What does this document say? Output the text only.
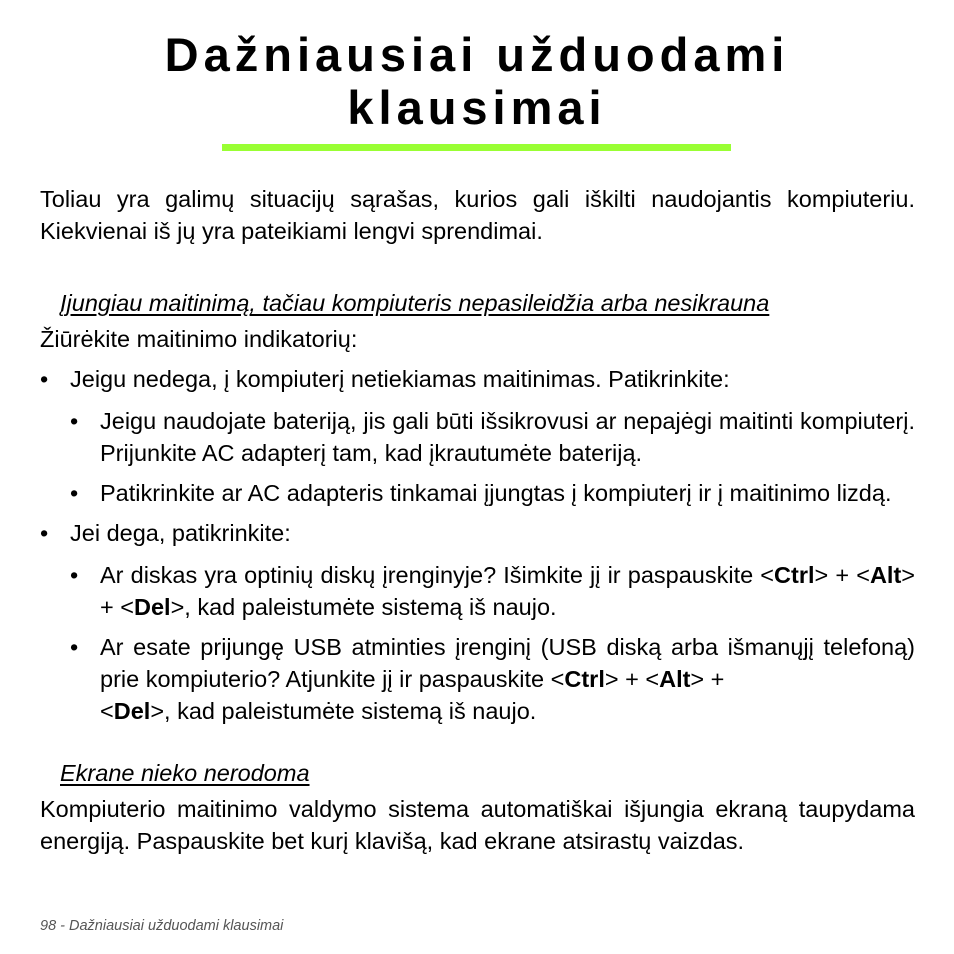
Dažniausiai užduodami
klausimai

Toliau yra galimų situacijų sąrašas, kurios gali iškilti naudojantis kompiuteriu. Kiekvienai iš jų yra pateikiami lengvi sprendimai.

Įjungiau maitinimą, tačiau kompiuteris nepasileidžia arba nesikrauna

Žiūrėkite maitinimo indikatorių:

• Jeigu nedega, į kompiuterį netiekiamas maitinimas. Patikrinkite:
• Jeigu naudojate bateriją, jis gali būti išsikrovusi ar nepajėgi maitinti kompiuterį. Prijunkite AC adapterį tam, kad įkrautumėte bateriją.
• Patikrinkite ar AC adapteris tinkamai įjungtas į kompiuterį ir į maitinimo lizdą.
• Jei dega, patikrinkite:
• Ar diskas yra optinių diskų įrenginyje? Išimkite jį ir paspauskite <Ctrl> + <Alt> + <Del>, kad paleistumėte sistemą iš naujo.
• Ar esate prijungę USB atminties įrenginį (USB diską arba išmanųjį telefoną) prie kompiuterio? Atjunkite jį ir paspauskite <Ctrl> + <Alt> +
<Del>, kad paleistumėte sistemą iš naujo.

Ekrane nieko nerodoma

Kompiuterio maitinimo valdymo sistema automatiškai išjungia ekraną taupydama energiją. Paspauskite bet kurį klavišą, kad ekrane atsirastų vaizdas.

98 - Dažniausiai užduodami klausimai
